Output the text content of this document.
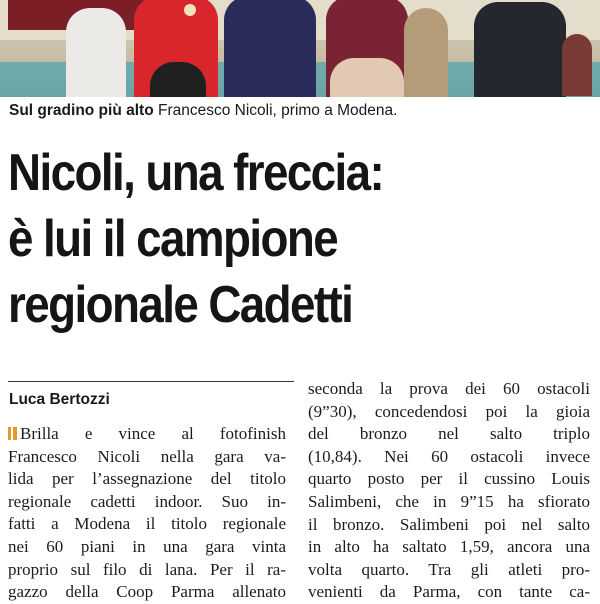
Sul gradino più alto Francesco Nicoli, primo a Modena.

Nicoli, una freccia:
è lui il campione
regionale Cadetti

Luca Bertozzi

Brilla e vince al fotofinish
Francesco Nicoli nella gara va-
lida per l’assegnazione del titolo
regionale cadetti indoor. Suo in-
fatti a Modena il titolo regionale
nei 60 piani in una gara vinta
proprio sul filo di lana. Per il ra-
gazzo della Coop Parma allenato
seconda la prova dei 60 ostacoli
(9”30), concedendosi poi la gioia
del bronzo nel salto triplo
(10,84). Nei 60 ostacoli invece
quarto posto per il cussino Louis
Salimbeni, che in 9”15 ha sfiorato
il bronzo. Salimbeni poi nel salto
in alto ha saltato 1,59, ancora una
volta quarto. Tra gli atleti pro-
venienti da Parma, con tante ca-
